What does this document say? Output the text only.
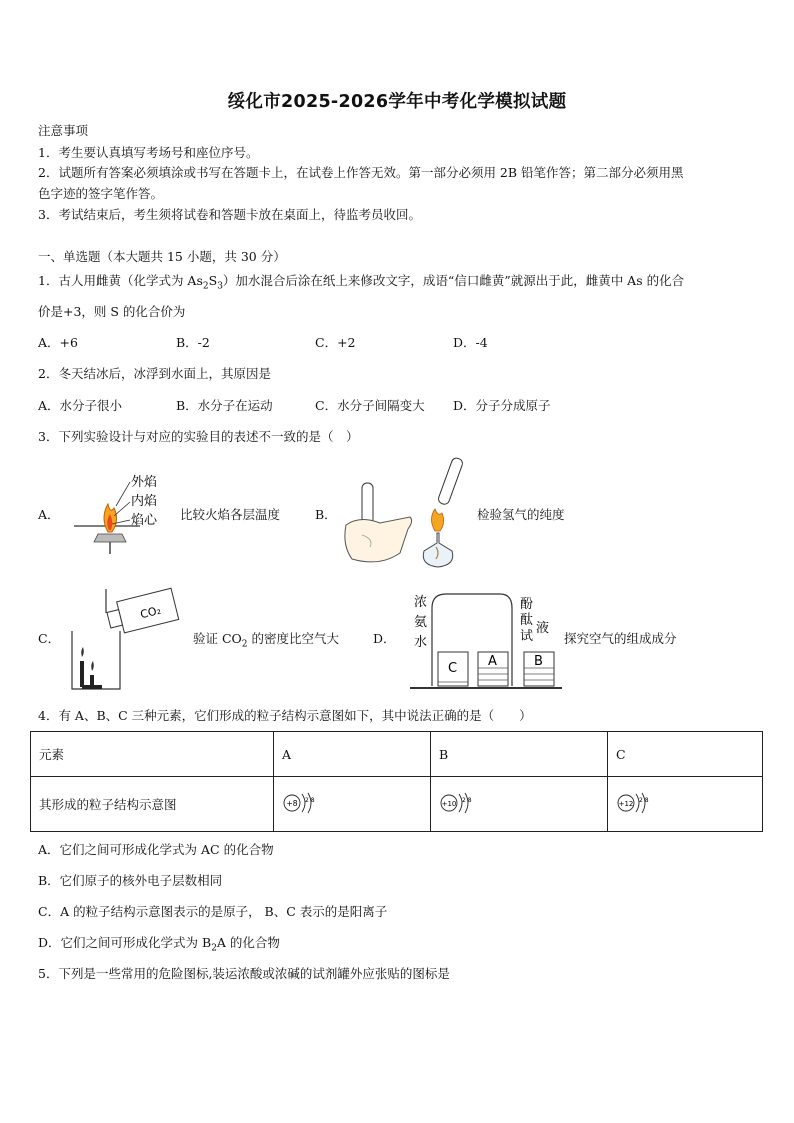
绥化市2025-2026学年中考化学模拟试题
注意事项
1．考生要认真填写考场号和座位序号。
2．试题所有答案必须填涂或书写在答题卡上，在试卷上作答无效。第一部分必须用 2B 铅笔作答；第二部分必须用黑
色字迹的签字笔作答。
3．考试结束后，考生须将试卷和答题卡放在桌面上，待监考员收回。
一、单选题（本大题共 15 小题，共 30 分）
1．古人用雌黄（化学式为 $As_2S_3$）加水混合后涂在纸上来修改文字，成语“信口雌黄”就源出于此，雌黄中 As 的化合
价是+3，则 S 的化合价为
A．+6	B．-2	C．+2	D．-4
2．冬天结冰后，冰浮到水面上，其原因是
A．水分子很小	B．水分子在运动	C．水分子间隔变大 D．分子分成原子
3．下列实验设计与对应的实验目的表述不一致的是（　）
A．
外焰
内焰
焰心 比较火焰各层温度	B．	检验氢气的纯度
C．
CO₂
验证 $CO_2$ 的密度比空气大	D．
浓
氨
水
酚
酞
试
液
C A	B
探究空气的组成成分
4．有 A、B、C 三种元素，它们形成的粒子结构示意图如下，其中说法正确的是（　　）
元素	A	B	C
其形成的粒子结构示意图	+8 2 8	+10 2 8	+12 2 8
A．它们之间可形成化学式为 AC 的化合物
B．它们原子的核外电子层数相同
C．A 的粒子结构示意图表示的是原子， B、C 表示的是阳离子
D．它们之间可形成化学式为 $B_2A$ 的化合物
5．下列是一些常用的危险图标,装运浓酸或浓碱的试剂罐外应张贴的图标是
